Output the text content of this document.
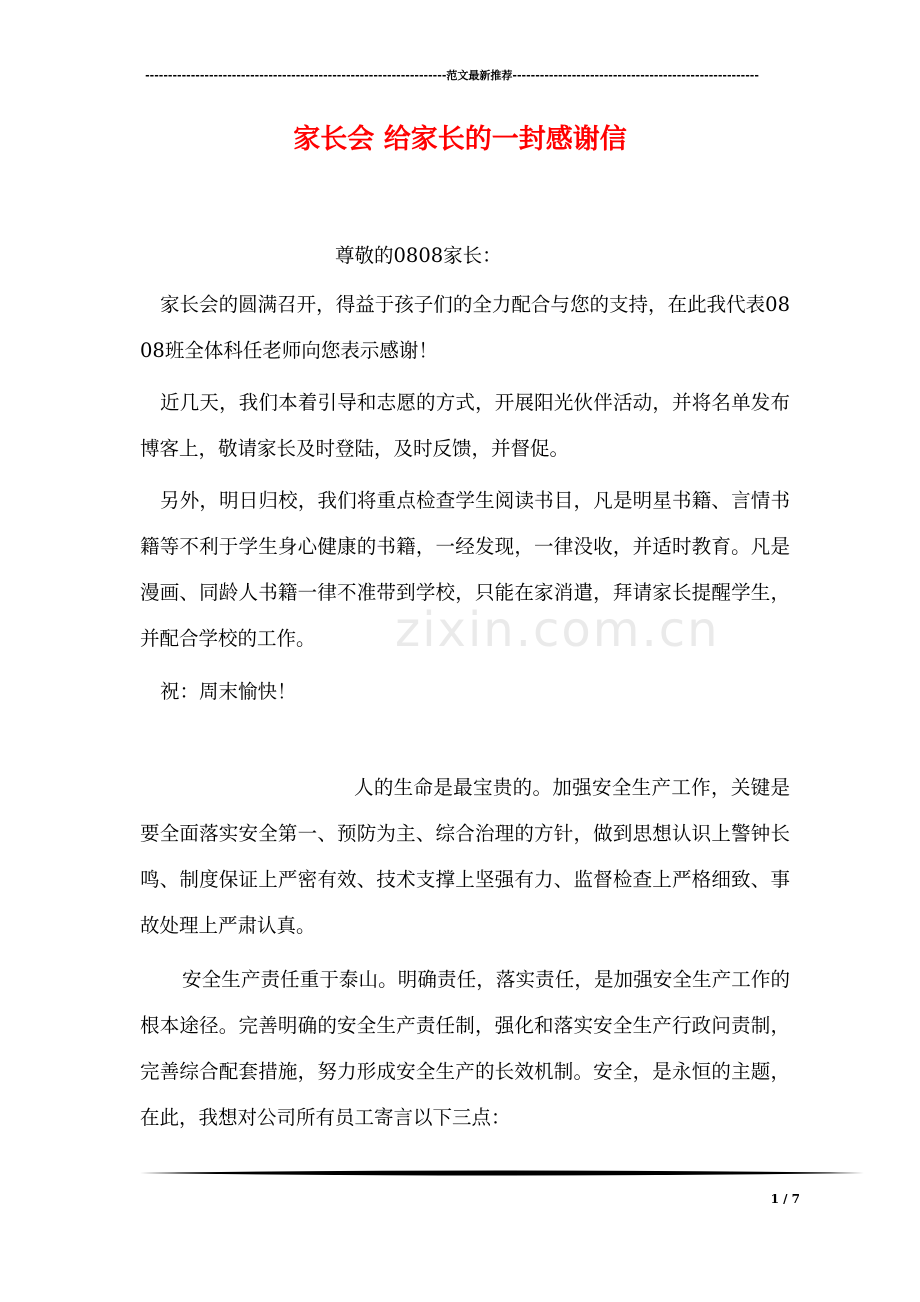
------------------------------------------------------------------范文最新推荐------------------------------------------------------
家长会 给家长的一封感谢信
尊敬的0808家长：
家长会的圆满召开，得益于孩子们的全力配合与您的支持，在此我代表0808班全体科任老师向您表示感谢！
近几天，我们本着引导和志愿的方式，开展阳光伙伴活动，并将名单发布博客上，敬请家长及时登陆，及时反馈，并督促。
另外，明日归校，我们将重点检查学生阅读书目，凡是明星书籍、言情书籍等不利于学生身心健康的书籍，一经发现，一律没收，并适时教育。凡是漫画、同龄人书籍一律不准带到学校，只能在家消遣，拜请家长提醒学生，并配合学校的工作。
祝：周末愉快！
人的生命是最宝贵的。加强安全生产工作，关键是要全面落实安全第一、预防为主、综合治理的方针，做到思想认识上警钟长鸣、制度保证上严密有效、技术支撑上坚强有力、监督检查上严格细致、事故处理上严肃认真。
安全生产责任重于泰山。明确责任，落实责任，是加强安全生产工作的根本途径。完善明确的安全生产责任制，强化和落实安全生产行政问责制，完善综合配套措施，努力形成安全生产的长效机制。安全，是永恒的主题，在此，我想对公司所有员工寄言以下三点：
zixin.com.cn
1 / 7
